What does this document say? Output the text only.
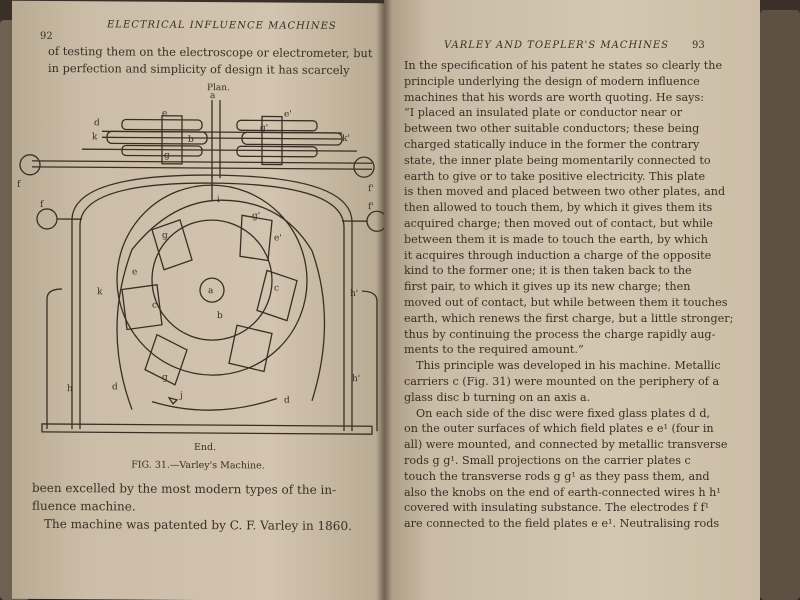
92
ELECTRICAL INFLUENCE MACHINES
of testing them on the electroscope or electrometer, but
in perfection and simplicity of design it has scarcely
Plan.
a
e	e'
d
k	k'
b
g'
g
f	f'
f	f'
i
g
g'
e'
e
a
b
c
c
k	h'
g
j
h	d
d
h'
End.
FIG. 31.—Varley's Machine.
been excelled by the most modern types of the in-
fluence machine.
The machine was patented by C. F. Varley in 1860.
VARLEY AND TOEPLER'S MACHINES 93
In the specification of his patent he states so clearly the
principle underlying the design of modern influence
machines that his words are worth quoting. He says:
“I placed an insulated plate or conductor near or
between two other suitable conductors; these being
charged statically induce in the former the contrary
state, the inner plate being momentarily connected to
earth to give or to take positive electricity. This plate
is then moved and placed between two other plates, and
then allowed to touch them, by which it gives them its
acquired charge; then moved out of contact, but while
between them it is made to touch the earth, by which
it acquires through induction a charge of the opposite
kind to the former one; it is then taken back to the
first pair, to which it gives up its new charge; then
moved out of contact, but while between them it touches
earth, which renews the first charge, but a little stronger;
thus by continuing the process the charge rapidly aug-
ments to the required amount.”
This principle was developed in his machine. Metallic
carriers c (Fig. 31) were mounted on the periphery of a
glass disc b turning on an axis a.
On each side of the disc were fixed glass plates d d,
on the outer surfaces of which field plates e e¹ (four in
all) were mounted, and connected by metallic transverse
rods g g¹. Small projections on the carrier plates c
touch the transverse rods g g¹ as they pass them, and
also the knobs on the end of earth-connected wires h h¹
covered with insulating substance. The electrodes f f¹
are connected to the field plates e e¹. Neutralising rods
